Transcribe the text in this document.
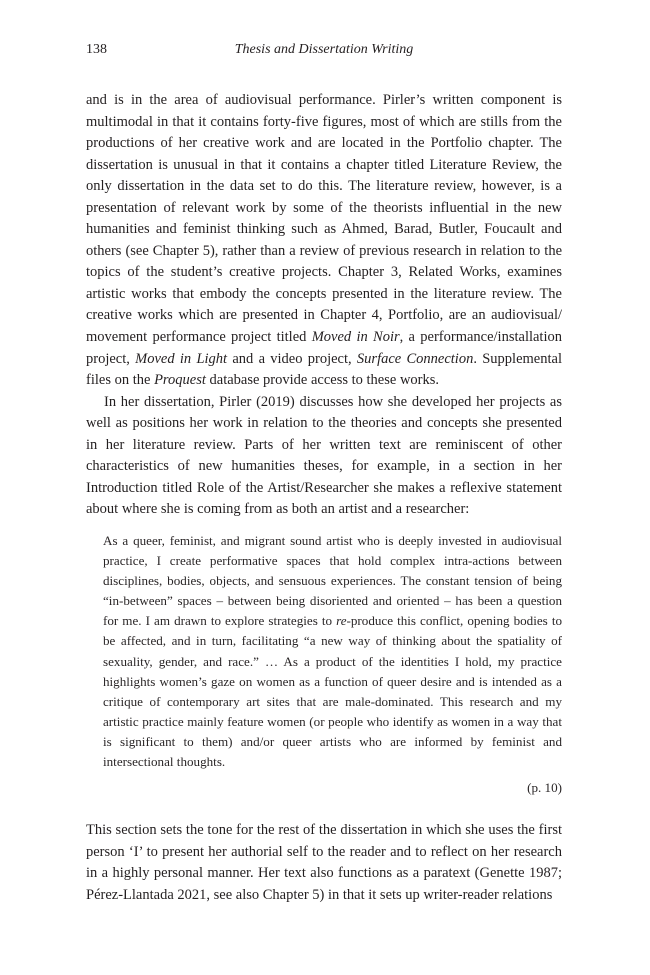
138	Thesis and Dissertation Writing

and is in the area of audiovisual performance. Pirler’s written component is multimodal in that it contains forty-five figures, most of which are stills from the productions of her creative work and are located in the Portfolio chapter. The dissertation is unusual in that it contains a chapter titled Literature Review, the only dissertation in the data set to do this. The literature review, however, is a presentation of relevant work by some of the theorists influential in the new humanities and feminist thinking such as Ahmed, Barad, Butler, Foucault and others (see Chapter 5), rather than a review of previous research in relation to the topics of the student’s creative projects. Chapter 3, Related Works, examines artistic works that embody the concepts presented in the literature review. The creative works which are presented in Chapter 4, Portfolio, are an audiovisual/ movement performance project titled Moved in Noir, a performance/installation project, Moved in Light and a video project, Surface Connection. Supplemental files on the Proquest database provide access to these works.

In her dissertation, Pirler (2019) discusses how she developed her projects as well as positions her work in relation to the theories and concepts she presented in her literature review. Parts of her written text are reminiscent of other characteristics of new humanities theses, for example, in a section in her Introduction titled Role of the Artist/Researcher she makes a reflexive statement about where she is coming from as both an artist and a researcher:

As a queer, feminist, and migrant sound artist who is deeply invested in audiovisual practice, I create performative spaces that hold complex intra-actions between disciplines, bodies, objects, and sensuous experiences. The constant tension of being “in-between” spaces – between being disoriented and oriented – has been a question for me. I am drawn to explore strategies to re-produce this conflict, opening bodies to be affected, and in turn, facilitating “a new way of thinking about the spatiality of sexuality, gender, and race.” … As a product of the identities I hold, my practice highlights women’s gaze on women as a function of queer desire and is intended as a critique of contemporary art sites that are male-dominated. This research and my artistic practice mainly feature women (or people who identify as women in a way that is significant to them) and/or queer artists who are informed by feminist and intersectional thoughts.
(p. 10)

This section sets the tone for the rest of the dissertation in which she uses the first person ‘I’ to present her authorial self to the reader and to reflect on her research in a highly personal manner. Her text also functions as a paratext (Genette 1987; Pérez-Llantada 2021, see also Chapter 5) in that it sets up writer-reader relations
